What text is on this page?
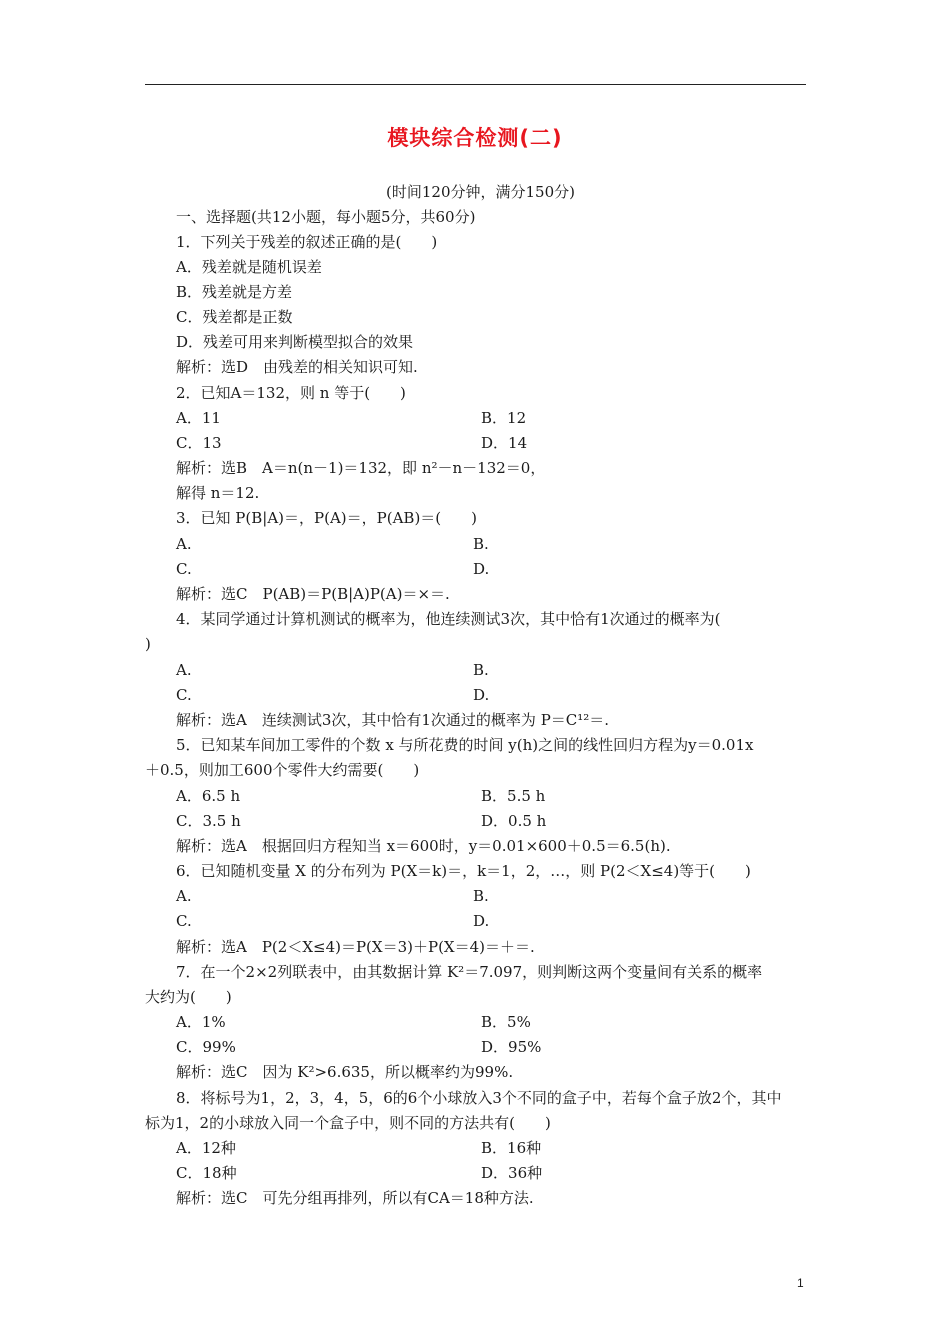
模块综合检测(二)
(时间120分钟，满分150分)
一、选择题(共12小题，每小题5分，共60分)
1．下列关于残差的叙述正确的是(　　)
A．残差就是随机误差
B．残差就是方差
C．残差都是正数
D．残差可用来判断模型拟合的效果
解析：选D　由残差的相关知识可知.
2．已知A＝132，则 n 等于(　　)
A．11	B．12
C．13	D．14
解析：选B　A＝n(n－1)＝132，即 n²－n－132＝0，
解得 n＝12.
3．已知 P(B|A)＝，P(A)＝，P(AB)＝(　　)
A.	B.
C.	D.
解析：选C　P(AB)＝P(B|A)P(A)＝×＝.
4．某同学通过计算机测试的概率为，他连续测试3次，其中恰有1次通过的概率为(
)
A.	B.
C.	D.
解析：选A　连续测试3次，其中恰有1次通过的概率为 P＝C¹²＝.
5．已知某车间加工零件的个数 x 与所花费的时间 y(h)之间的线性回归方程为y＝0.01x
＋0.5，则加工600个零件大约需要(　　)
A．6.5 h	B．5.5 h
C．3.5 h	D．0.5 h
解析：选A　根据回归方程知当 x＝600时，y＝0.01×600＋0.5＝6.5(h).
6．已知随机变量 X 的分布列为 P(X＝k)＝，k＝1，2，…，则 P(2＜X≤4)等于(　　)
A.	B.
C.	D.
解析：选A　P(2＜X≤4)＝P(X＝3)＋P(X＝4)＝＋＝.
7．在一个2×2列联表中，由其数据计算 K²＝7.097，则判断这两个变量间有关系的概率
大约为(　　)
A．1%	B．5%
C．99%	D．95%
解析：选C　因为 K²>6.635，所以概率约为99%.
8．将标号为1，2，3，4，5，6的6个小球放入3个不同的盒子中，若每个盒子放2个，其中
标为1，2的小球放入同一个盒子中，则不同的方法共有(　　)
A．12种	B．16种
C．18种	D．36种
解析：选C　可先分组再排列，所以有CA＝18种方法.
1
